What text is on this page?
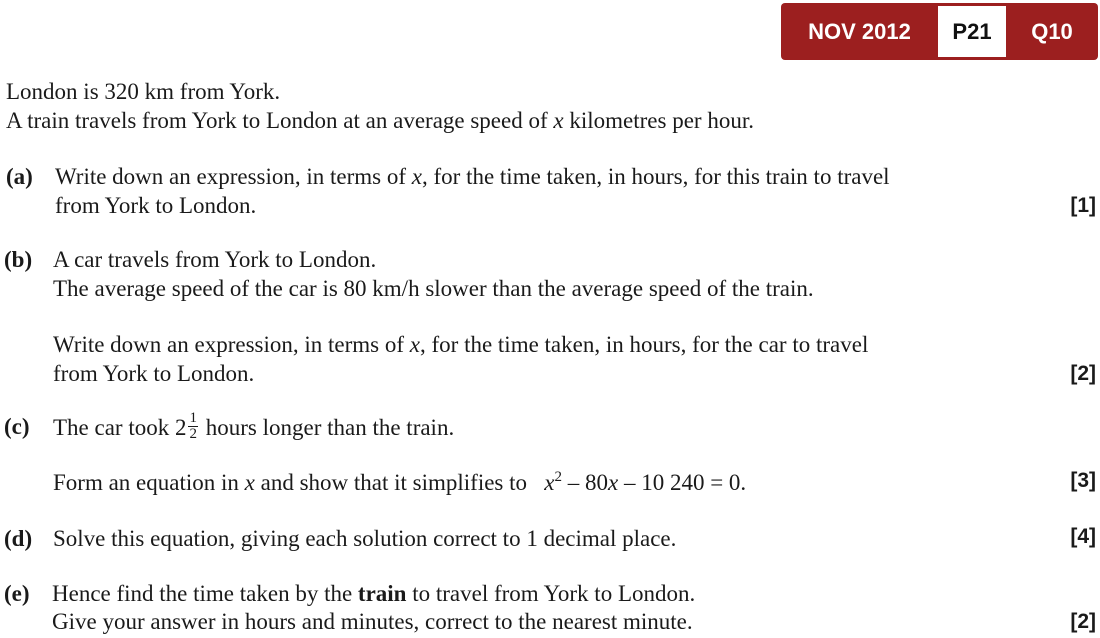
NOV 2012	P21	Q10
London is 320 km from York.
A train travels from York to London at an average speed of x kilometres per hour.
(a) Write down an expression, in terms of x, for the time taken, in hours, for this train to travel
from York to London.	[1]
(b) A car travels from York to London.
The average speed of the car is 80 km/h slower than the average speed of the train.
Write down an expression, in terms of x, for the time taken, in hours, for the car to travel
from York to London.	[2]
(c) The car took $2 \frac{1}{2}$ hours longer than the train.
Form an equation in x and show that it simplifies to   $x^2 - 80x - 10$ 240 = 0.	[3]
(d) Solve this equation, giving each solution correct to 1 decimal place.	[4]
(e) Hence find the time taken by the train to travel from York to London.
Give your answer in hours and minutes, correct to the nearest minute.	[2]
